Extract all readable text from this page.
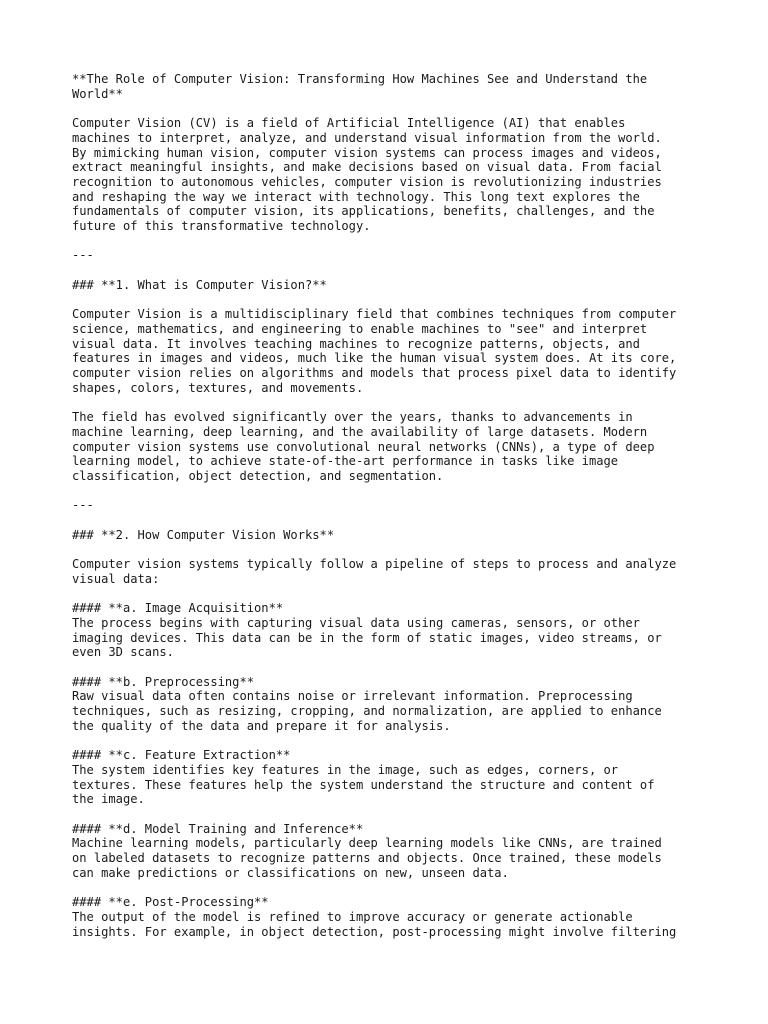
**The Role of Computer Vision: Transforming How Machines See and Understand the
World**
Computer Vision (CV) is a field of Artificial Intelligence (AI) that enables
machines to interpret, analyze, and understand visual information from the world.
By mimicking human vision, computer vision systems can process images and videos,
extract meaningful insights, and make decisions based on visual data. From facial
recognition to autonomous vehicles, computer vision is revolutionizing industries
and reshaping the way we interact with technology. This long text explores the
fundamentals of computer vision, its applications, benefits, challenges, and the
future of this transformative technology.
---
### **1. What is Computer Vision?**
Computer Vision is a multidisciplinary field that combines techniques from computer
science, mathematics, and engineering to enable machines to "see" and interpret
visual data. It involves teaching machines to recognize patterns, objects, and
features in images and videos, much like the human visual system does. At its core,
computer vision relies on algorithms and models that process pixel data to identify
shapes, colors, textures, and movements.
The field has evolved significantly over the years, thanks to advancements in
machine learning, deep learning, and the availability of large datasets. Modern
computer vision systems use convolutional neural networks (CNNs), a type of deep
learning model, to achieve state-of-the-art performance in tasks like image
classification, object detection, and segmentation.
---
### **2. How Computer Vision Works**
Computer vision systems typically follow a pipeline of steps to process and analyze
visual data:
#### **a. Image Acquisition**
The process begins with capturing visual data using cameras, sensors, or other
imaging devices. This data can be in the form of static images, video streams, or
even 3D scans.
#### **b. Preprocessing**
Raw visual data often contains noise or irrelevant information. Preprocessing
techniques, such as resizing, cropping, and normalization, are applied to enhance
the quality of the data and prepare it for analysis.
#### **c. Feature Extraction**
The system identifies key features in the image, such as edges, corners, or
textures. These features help the system understand the structure and content of
the image.
#### **d. Model Training and Inference**
Machine learning models, particularly deep learning models like CNNs, are trained
on labeled datasets to recognize patterns and objects. Once trained, these models
can make predictions or classifications on new, unseen data.
#### **e. Post-Processing**
The output of the model is refined to improve accuracy or generate actionable
insights. For example, in object detection, post-processing might involve filtering
